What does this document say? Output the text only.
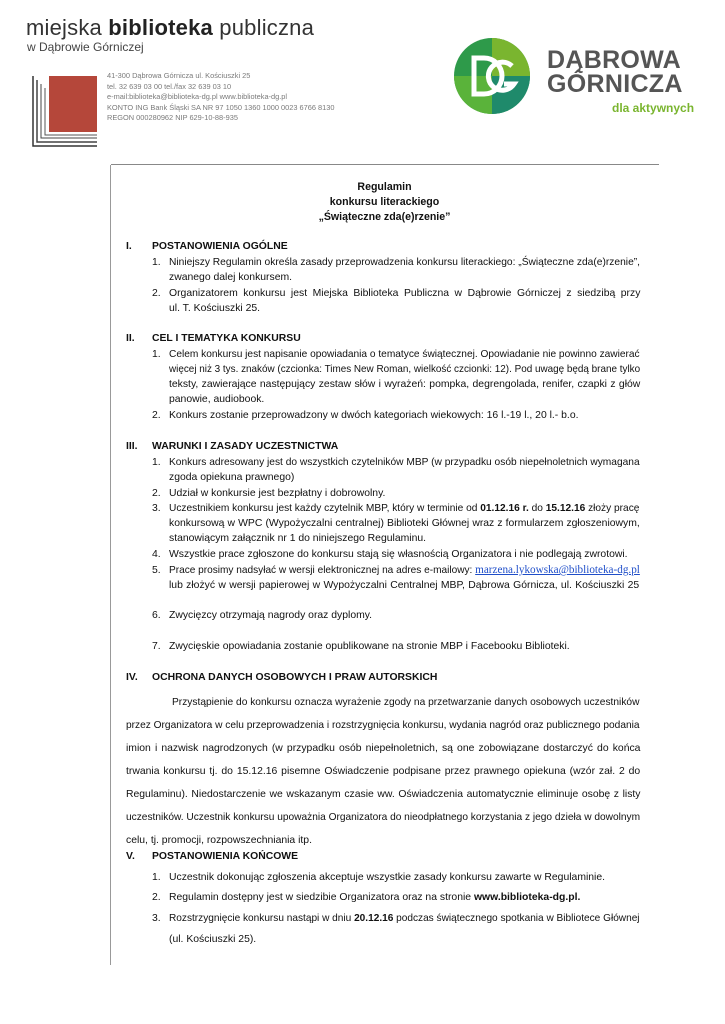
miejska biblioteka publiczna
w Dąbrowie Górniczej
41-300 Dąbrowa Górnicza ul. Kościuszki 25
tel. 32 639 03 00 tel./fax 32 639 03 10
e-mail:biblioteka@biblioteka-dg.pl www.biblioteka-dg.pl
KONTO ING Bank Śląski SA NR 97 1050 1360 1000 0023 6766 8130
REGON 000280962 NIP 629-10-88-935
DĄBROWA
GÓRNICZA
dla aktywnych
Regulamin
konkursu literackiego
„Świąteczne zda(e)rzenie”
I. POSTANOWIENIA OGÓLNE
1. Niniejszy Regulamin określa zasady przeprowadzenia konkursu literackiego: „Świąteczne zda(e)rzenie”,
zwanego dalej konkursem.
2. Organizatorem konkursu jest Miejska Biblioteka Publiczna w Dąbrowie Górniczej z siedzibą przy
ul. T. Kościuszki 25.
II. CEL I TEMATYKA KONKURSU
1. Celem konkursu jest napisanie opowiadania o tematyce świątecznej. Opowiadanie nie powinno zawierać
więcej niż 3 tys. znaków (czcionka: Times New Roman, wielkość czcionki: 12). Pod uwagę będą brane tylko
teksty, zawierające następujący zestaw słów i wyrażeń: pompka, degrengolada, renifer, czapki z głów
panowie, audiobook.
2. Konkurs zostanie przeprowadzony w dwóch kategoriach wiekowych: 16 l.-19 l., 20 l.- b.o.
III. WARUNKI I ZASADY UCZESTNICTWA
1. Konkurs adresowany jest do wszystkich czytelników MBP (w przypadku osób niepełnoletnich wymagana
zgoda opiekuna prawnego)
2. Udział w konkursie jest bezpłatny i dobrowolny.
3. Uczestnikiem konkursu jest każdy czytelnik MBP, który w terminie od 01.12.16 r. do 15.12.16 złoży pracę
konkursową w WPC (Wypożyczalni centralnej) Biblioteki Głównej wraz z formularzem zgłoszeniowym,
stanowiącym załącznik nr 1 do niniejszego Regulaminu.
4. Wszystkie prace zgłoszone do konkursu stają się własnością Organizatora i nie podlegają zwrotowi.
5. Prace prosimy nadsyłać w wersji elektronicznej na adres e-mailowy: marzena.lykowska@biblioteka-dg.pl
lub złożyć w wersji papierowej w Wypożyczalni Centralnej MBP, Dąbrowa Górnicza, ul. Kościuszki 25
6. Zwycięzcy otrzymają nagrody oraz dyplomy.
7. Zwycięskie opowiadania zostanie opublikowane na stronie MBP i Facebooku Biblioteki.
IV. OCHRONA DANYCH OSOBOWYCH I PRAW AUTORSKICH
Przystąpienie do konkursu oznacza wyrażenie zgody na przetwarzanie danych osobowych uczestników
przez Organizatora w celu przeprowadzenia i rozstrzygnięcia konkursu, wydania nagród oraz publicznego podania
imion i nazwisk nagrodzonych (w przypadku osób niepełnoletnich, są one zobowiązane dostarczyć do końca
trwania konkursu tj. do 15.12.16 pisemne Oświadczenie podpisane przez prawnego opiekuna (wzór zał. 2 do
Regulaminu). Niedostarczenie we wskazanym czasie ww. Oświadczenia automatycznie eliminuje osobę z listy
uczestników. Uczestnik konkursu upoważnia Organizatora do nieodpłatnego korzystania z jego dzieła w dowolnym
celu, tj. promocji, rozpowszechniania itp.
V. POSTANOWIENIA KOŃCOWE
1. Uczestnik dokonując zgłoszenia akceptuje wszystkie zasady konkursu zawarte w Regulaminie.
2. Regulamin dostępny jest w siedzibie Organizatora oraz na stronie www.biblioteka-dg.pl.
3. Rozstrzygnięcie konkursu nastąpi w dniu 20.12.16 podczas świątecznego spotkania w Bibliotece Głównej
(ul. Kościuszki 25).
